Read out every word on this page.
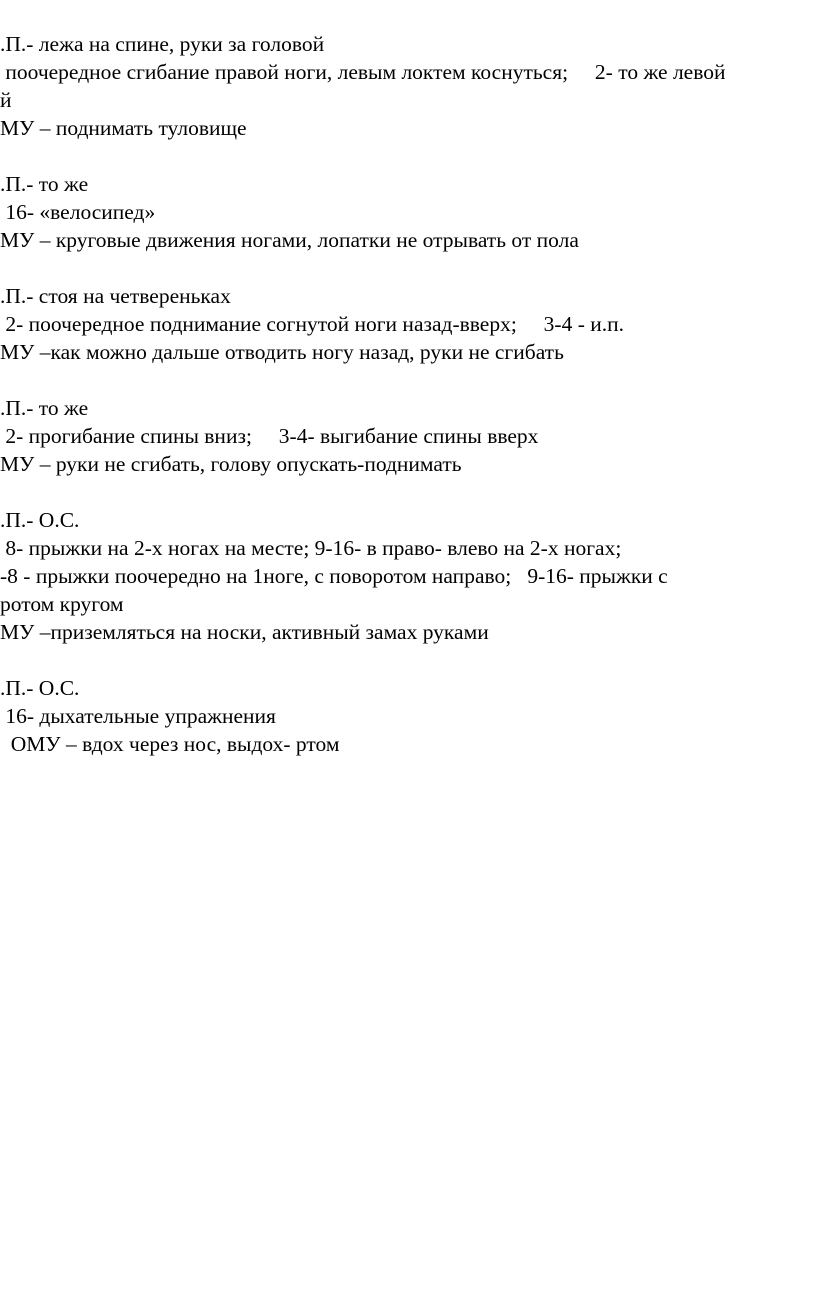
.П.- лежа на спине, руки за головой
поочередное сгибание правой ноги, левым локтем коснуться;     2- то же левой
й
МУ – поднимать туловище
.П.- то же
16- «велосипед»
МУ – круговые движения ногами, лопатки не отрывать от пола
.П.- стоя на четвереньках
2- поочередное поднимание согнутой ноги назад-вверх;     3-4 - и.п.
МУ –как можно дальше отводить ногу назад, руки не сгибать
.П.- то же
2- прогибание спины вниз;     3-4- выгибание спины вверх
МУ – руки не сгибать, голову опускать-поднимать
.П.- О.С.
8- прыжки на 2-х ногах на месте; 9-16- в право- влево на 2-х ногах;
-8 - прыжки поочередно на 1ноге, с поворотом направо;   9-16- прыжки с
ротом кругом
МУ –приземляться на носки, активный замах руками
.П.- О.С.
16- дыхательные упражнения
ОМУ – вдох через нос, выдох- ртом
